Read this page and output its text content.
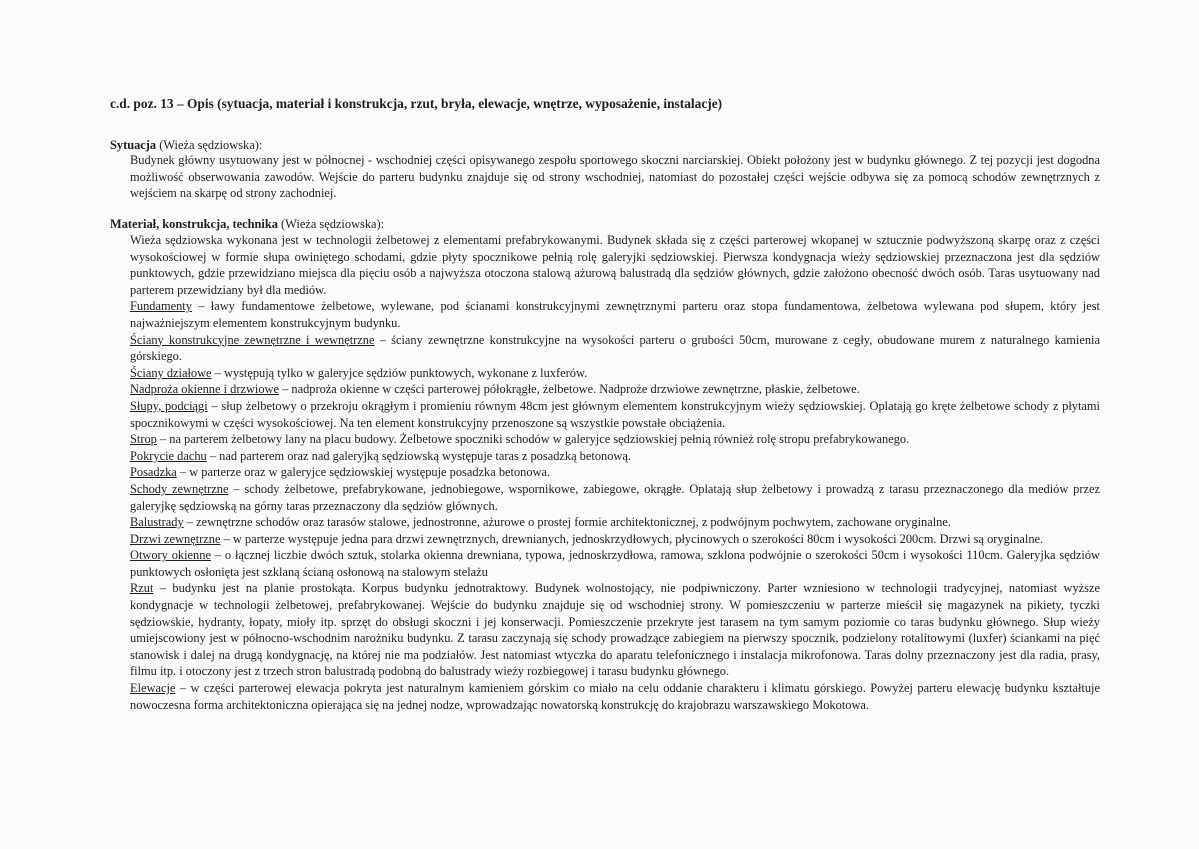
c.d. poz. 13 – Opis (sytuacja, materiał i konstrukcja, rzut, bryła, elewacje, wnętrze, wyposażenie, instalacje)
Sytuacja (Wieża sędziowska):

Budynek główny usytuowany jest w północnej - wschodniej części opisywanego zespołu sportowego skoczni narciarskiej. Obiekt położony jest w budynku głównego. Z tej pozycji jest dogodna możliwość obserwowania zawodów. Wejście do parteru budynku znajduje się od strony wschodniej, natomiast do pozostałej części wejście odbywa się za pomocą schodów zewnętrznych z wejściem na skarpę od strony zachodniej.

Materiał, konstrukcja, technika (Wieża sędziowska):

Wieża sędziowska wykonana jest w technologii żelbetowej z elementami prefabrykowanymi. Budynek składa się z części parterowej wkopanej w sztucznie podwyższoną skarpę oraz z części wysokościowej w formie słupa owiniętego schodami, gdzie płyty spocznikowe pełnią rolę galeryjki sędziowskiej. Pierwsza kondygnacja wieży sędziowskiej przeznaczona jest dla sędziów punktowych, gdzie przewidziano miejsca dla pięciu osób a najwyższa otoczona stalową ażurową balustradą dla sędziów głównych, gdzie założono obecność dwóch osób. Taras usytuowany nad parterem przewidziany był dla mediów.

Fundamenty – ławy fundamentowe żelbetowe, wylewane, pod ścianami konstrukcyjnymi zewnętrznymi parteru oraz stopa fundamentowa, żelbetowa wylewana pod słupem, który jest najważniejszym elementem konstrukcyjnym budynku.

Ściany konstrukcyjne zewnętrzne i wewnętrzne – ściany zewnętrzne konstrukcyjne na wysokości parteru o grubości 50cm, murowane z cegły, obudowane murem z naturalnego kamienia górskiego.

Ściany działowe – występują tylko w galeryjce sędziów punktowych, wykonane z luxferów.

Nadproża okienne i drzwiowe – nadproża okienne w części parterowej półokrągłe, żelbetowe. Nadproże drzwiowe zewnętrzne, płaskie, żelbetowe.

Słupy, podciągi – słup żelbetowy o przekroju okrągłym i promieniu równym 48cm jest głównym elementem konstrukcyjnym wieży sędziowskiej. Oplatają go kręte żelbetowe schody z płytami spocznikowymi w części wysokościowej. Na ten element konstrukcyjny przenoszone są wszystkie powstałe obciążenia.

Strop – na parterem żelbetowy lany na placu budowy. Żelbetowe spoczniki schodów w galeryjce sędziowskiej pełnią również rolę stropu prefabrykowanego.

Pokrycie dachu – nad parterem oraz nad galeryjką sędziowską występuje taras z posadzką betonową.

Posadzka – w parterze oraz w galeryjce sędziowskiej występuje posadzka betonowa.

Schody zewnętrzne – schody żelbetowe, prefabrykowane, jednobiegowe, wspornikowe, zabiegowe, okrągłe. Oplatają słup żelbetowy i prowadzą z tarasu przeznaczonego dla mediów przez galeryjkę sędziowską na górny taras przeznaczony dla sędziów głównych.

Balustrady – zewnętrzne schodów oraz tarasów stalowe, jednostronne, ażurowe o prostej formie architektonicznej, z podwójnym pochwytem, zachowane oryginalne.

Drzwi zewnętrzne – w parterze występuje jedna para drzwi zewnętrznych, drewnianych, jednoskrzydłowych, płycinowych o szerokości 80cm i wysokości 200cm. Drzwi są oryginalne.

Otwory okienne – o łącznej liczbie dwóch sztuk, stolarka okienna drewniana, typowa, jednoskrzydłowa, ramowa, szklona podwójnie o szerokości 50cm i wysokości 110cm. Galeryjka sędziów punktowych osłonięta jest szklaną ścianą osłonową na stalowym stelażu

Rzut – budynku jest na planie prostokąta. Korpus budynku jednotraktowy. Budynek wolnostojący, nie podpiwniczony. Parter wzniesiono w technologii tradycyjnej, natomiast wyższe kondygnacje w technologii żelbetowej, prefabrykowanej. Wejście do budynku znajduje się od wschodniej strony. W pomieszczeniu w parterze mieścił się magazynek na pikiety, tyczki sędziowskie, hydranty, łopaty, mioły itp. sprzęt do obsługi skoczni i jej konserwacji. Pomieszczenie przekryte jest tarasem na tym samym poziomie co taras budynku głównego. Słup wieży umiejscowiony jest w północno-wschodnim narożniku budynku. Z tarasu zaczynają się schody prowadzące zabiegiem na pierwszy spocznik, podzielony rotalitowymi (luxfer) ściankami na pięć stanowisk i dalej na drugą kondygnację, na której nie ma podziałów. Jest natomiast wtyczka do aparatu telefonicznego i instalacja mikrofonowa. Taras dolny przeznaczony jest dla radia, prasy, filmu itp. i otoczony jest z trzech stron balustradą podobną do balustrady wieży rozbiegowej i tarasu budynku głównego.

Elewacje – w części parterowej elewacja pokryta jest naturalnym kamieniem górskim co miało na celu oddanie charakteru i klimatu górskiego. Powyżej parteru elewację budynku kształtuje nowoczesna forma architektoniczna opierająca się na jednej nodze, wprowadzając nowatorską konstrukcję do krajobrazu warszawskiego Mokotowa.
